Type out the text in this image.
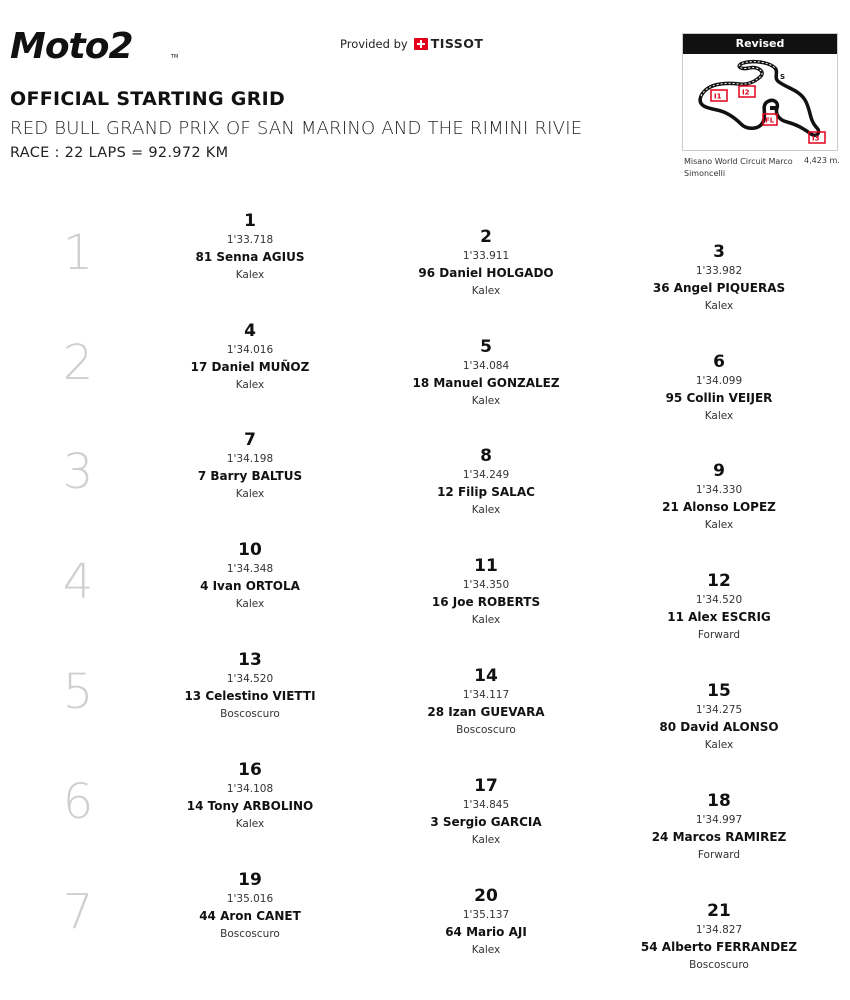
Moto2	TM
Provided by TISSOT
OFFICIAL STARTING GRID
RED BULL GRAND PRIX OF SAN MARINO AND THE RIMINI RIVIE
RACE : 22 LAPS = 92.972 KM
Revised
I1	I2
S
FL
I3
Misano World Circuit Marco Simoncelli
4,423 m.
1
2
3
4
5
6
7
1
1'33.718
81 Senna AGIUS
Kalex
2
1'33.911
96 Daniel HOLGADO
Kalex
3
1'33.982
36 Angel PIQUERAS
Kalex
4
1'34.016
17 Daniel MUÑOZ
Kalex
5
1'34.084
18 Manuel GONZALEZ
Kalex
6
1'34.099
95 Collin VEIJER
Kalex
7
1'34.198
7 Barry BALTUS
Kalex
8
1'34.249
12 Filip SALAC
Kalex
9
1'34.330
21 Alonso LOPEZ
Kalex
10
1'34.348
4 Ivan ORTOLA
Kalex
11
1'34.350
16 Joe ROBERTS
Kalex
12
1'34.520
11 Alex ESCRIG
Forward
13
1'34.520
13 Celestino VIETTI
Boscoscuro
14
1'34.117
28 Izan GUEVARA
Boscoscuro
15
1'34.275
80 David ALONSO
Kalex
16
1'34.108
14 Tony ARBOLINO
Kalex
17
1'34.845
3 Sergio GARCIA
Kalex
18
1'34.997
24 Marcos RAMIREZ
Forward
19
1'35.016
44 Aron CANET
Boscoscuro
20
1'35.137
64 Mario AJI
Kalex
21
1'34.827
54 Alberto FERRANDEZ
Boscoscuro
